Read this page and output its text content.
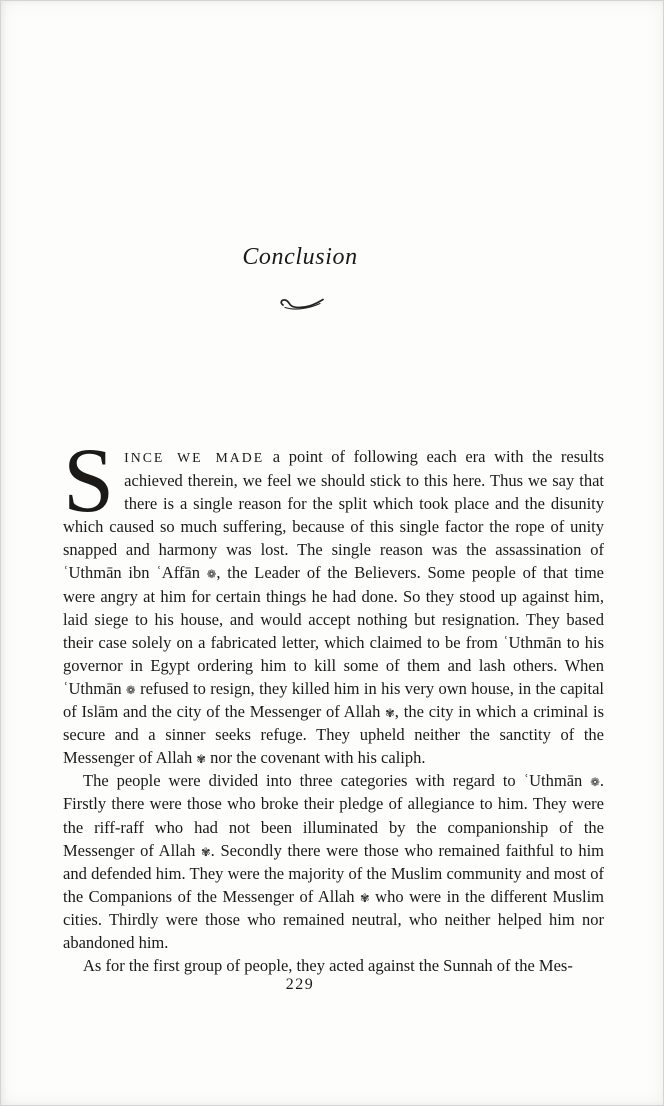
Conclusion

SINCE WE MADE a point of following each era with the results achieved therein, we feel we should stick to this here. Thus we say that there is a single reason for the split which took place and the disunity which caused so much suffering, because of this single factor the rope of unity snapped and harmony was lost. The single reason was the assassination of ʿUthmān ibn ʿAffān ❁, the Leader of the Believers. Some people of that time were angry at him for certain things he had done. So they stood up against him, laid siege to his house, and would accept nothing but resignation. They based their case solely on a fabricated letter, which claimed to be from ʿUthmān to his governor in Egypt ordering him to kill some of them and lash others. When ʿUthmān ❁ refused to resign, they killed him in his very own house, in the capital of Islām and the city of the Messenger of Allah ✾, the city in which a criminal is secure and a sinner seeks refuge. They upheld neither the sanctity of the Messenger of Allah ✾ nor the covenant with his caliph.

The people were divided into three categories with regard to ʿUthmān ❁. Firstly there were those who broke their pledge of allegiance to him. They were the riff-raff who had not been illuminated by the companionship of the Messenger of Allah ✾. Secondly there were those who remained faithful to him and defended him. They were the majority of the Muslim community and most of the Companions of the Messenger of Allah ✾ who were in the different Muslim cities. Thirdly were those who remained neutral, who neither helped him nor abandoned him.

As for the first group of people, they acted against the Sunnah of the Mes-

229
